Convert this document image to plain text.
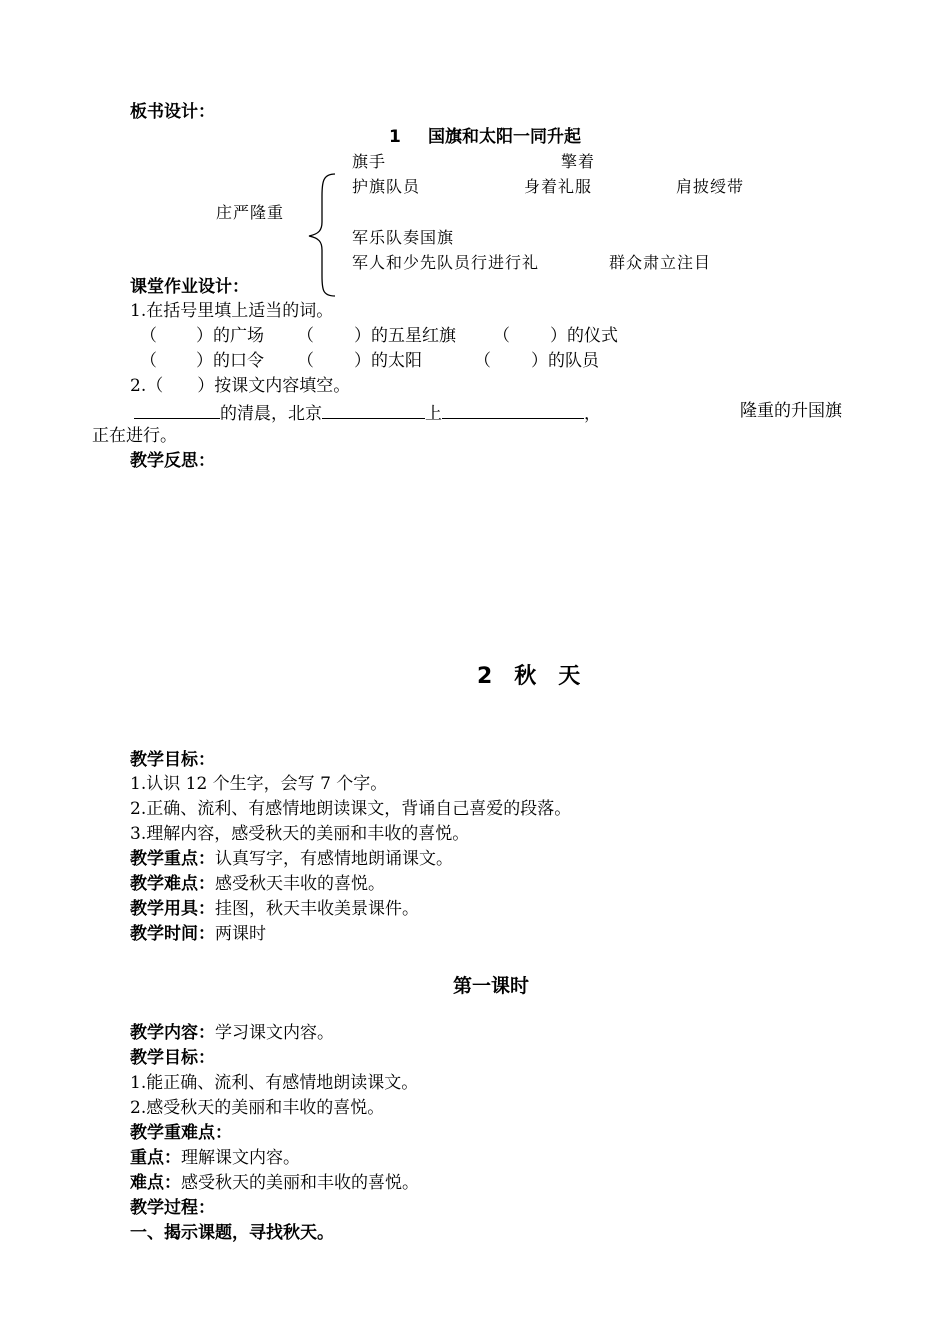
板书设计：
1 国旗和太阳一同升起
旗手	擎着
护旗队员	身着礼服	肩披绶带
庄严隆重
军乐队奏国旗
军人和少先队员行进行礼	群众肃立注目
课堂作业设计：
1.在括号里填上适当的词。
（ ）的广场 （ ）的五星红旗 （ ）的仪式
（ ）的口令 （ ）的太阳	（ ）的队员
2.（　　）按课文内容填空。
的清晨，北京	上	，	隆重的升国旗
正在进行。
教学反思：
2　秋　天
教学目标：
1.认识 12 个生字，会写 7 个字。
2.正确、流利、有感情地朗读课文，背诵自己喜爱的段落。
3.理解内容，感受秋天的美丽和丰收的喜悦。
教学重点：认真写字，有感情地朗诵课文。
教学难点：感受秋天丰收的喜悦。
教学用具：挂图，秋天丰收美景课件。
教学时间：两课时
第一课时
教学内容：学习课文内容。
教学目标：
1.能正确、流利、有感情地朗读课文。
2.感受秋天的美丽和丰收的喜悦。
教学重难点：
重点：理解课文内容。
难点：感受秋天的美丽和丰收的喜悦。
教学过程：
一、揭示课题，寻找秋天。
